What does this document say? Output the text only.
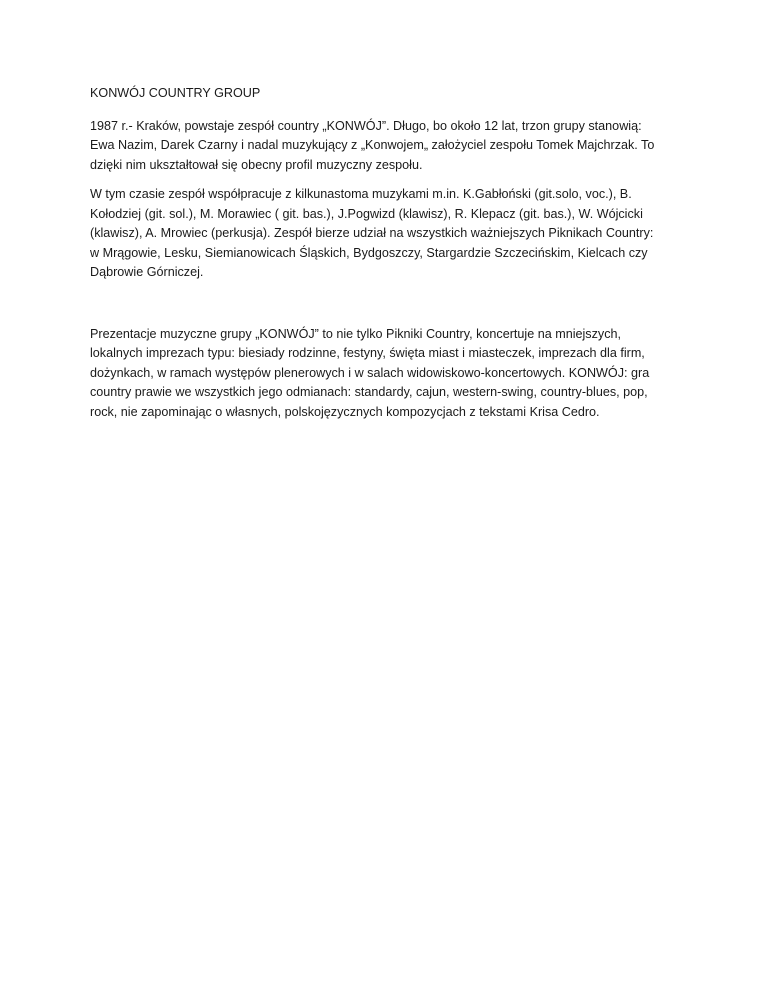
KONWÓJ COUNTRY GROUP
1987 r.- Kraków, powstaje zespół country „KONWÓJ”. Długo, bo około 12 lat, trzon grupy stanowią:
Ewa Nazim, Darek Czarny i nadal muzykujący z „Konwojem„ założyciel zespołu Tomek Majchrzak. To
dzięki nim ukształtował się obecny profil muzyczny zespołu.
W tym czasie zespół współpracuje z kilkunastoma muzykami m.in. K.Gabłoński (git.solo, voc.), B.
Kołodziej (git. sol.), M. Morawiec ( git. bas.), J.Pogwizd (klawisz), R. Klepacz (git. bas.), W. Wójcicki
(klawisz), A. Mrowiec (perkusja). Zespół bierze udział na wszystkich ważniejszych Piknikach Country:
w Mrągowie, Lesku, Siemianowicach Śląskich, Bydgoszczy, Stargardzie Szczecińskim, Kielcach czy
Dąbrowie Górniczej.
Prezentacje muzyczne grupy „KONWÓJ” to nie tylko Pikniki Country, koncertuje na mniejszych,
lokalnych imprezach typu: biesiady rodzinne, festyny, święta miast i miasteczek, imprezach dla firm,
dożynkach, w ramach występów plenerowych i w salach widowiskowo-koncertowych. KONWÓJ: gra
country prawie we wszystkich jego odmianach: standardy, cajun, western-swing, country-blues, pop,
rock, nie zapominając o własnych, polskojęzycznych kompozycjach z tekstami Krisa Cedro.
